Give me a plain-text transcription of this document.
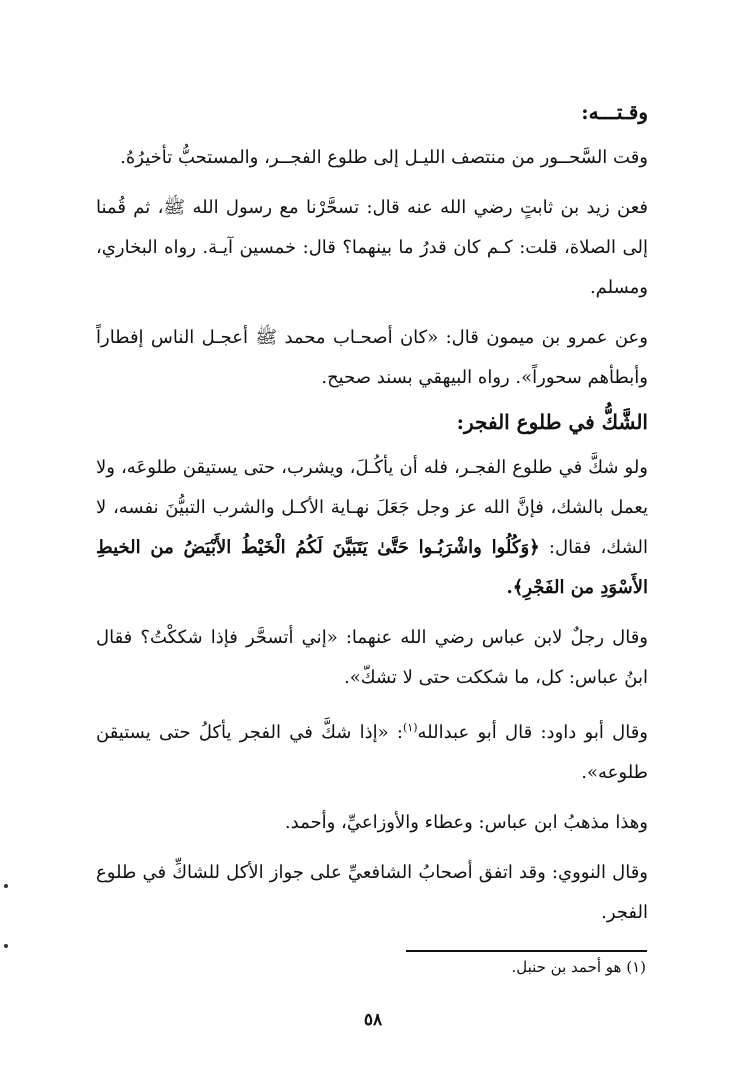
وقـتـــه:

وقت السَّحــور من منتصف الليـل إلى طلوع الفجــر، والمستحبُّ تأخيرُهُ.

فعن زيد بن ثابتٍ رضي الله عنه قال: تسحَّرْنا مع رسول الله ﷺ، ثم قُمنا إلى الصلاة، قلت: كـم كان قدرُ ما بينهما؟ قال: خمسين آيـة. رواه البخاري، ومسلم.

وعن عمرو بن ميمون قال: «كان أصحـاب محمد ﷺ أعجـل الناس إفطاراً وأبطأهم سحوراً». رواه البيهقي بسند صحيح.

الشَّكُّ في طلوع الفجر:

ولو شكَّ في طلوع الفجـر، فله أن يأكُـلَ، ويشرب، حتى يستيقن طلوعَه، ولا يعمل بالشك، فإنَّ الله عز وجل جَعَلَ نهـاية الأكـل والشرب التبيُّنَ نفسه، لا الشك، فقال: ﴿وَكُلُوا واشْرَبُـوا حَتَّىٰ يَتَبَيَّنَ لَكُمُ الْخَيْطُ الأَبْيَضُ من الخيطِ الأَسْوَدِ من الفَجْرِ﴾.

وقال رجلٌ لابن عباس رضي الله عنهما: «إني أتسحَّر فإذا شككْتُ؟ فقال ابنُ عباس: كل، ما شككت حتى لا تشكّ».

وقال أبو داود: قال أبو عبدالله$^{(١)}$: «إذا شكَّ في الفجر يأكلُ حتى يستيقن طلوعه».

وهذا مذهبُ ابن عباس: وعطاء والأوزاعيِّ، وأحمد.

وقال النووي: وقد اتفق أصحابُ الشافعيِّ على جواز الأكل للشاكِّ في طلوع الفجر.

(١) هو أحمد بن حنبل.
٥٨
